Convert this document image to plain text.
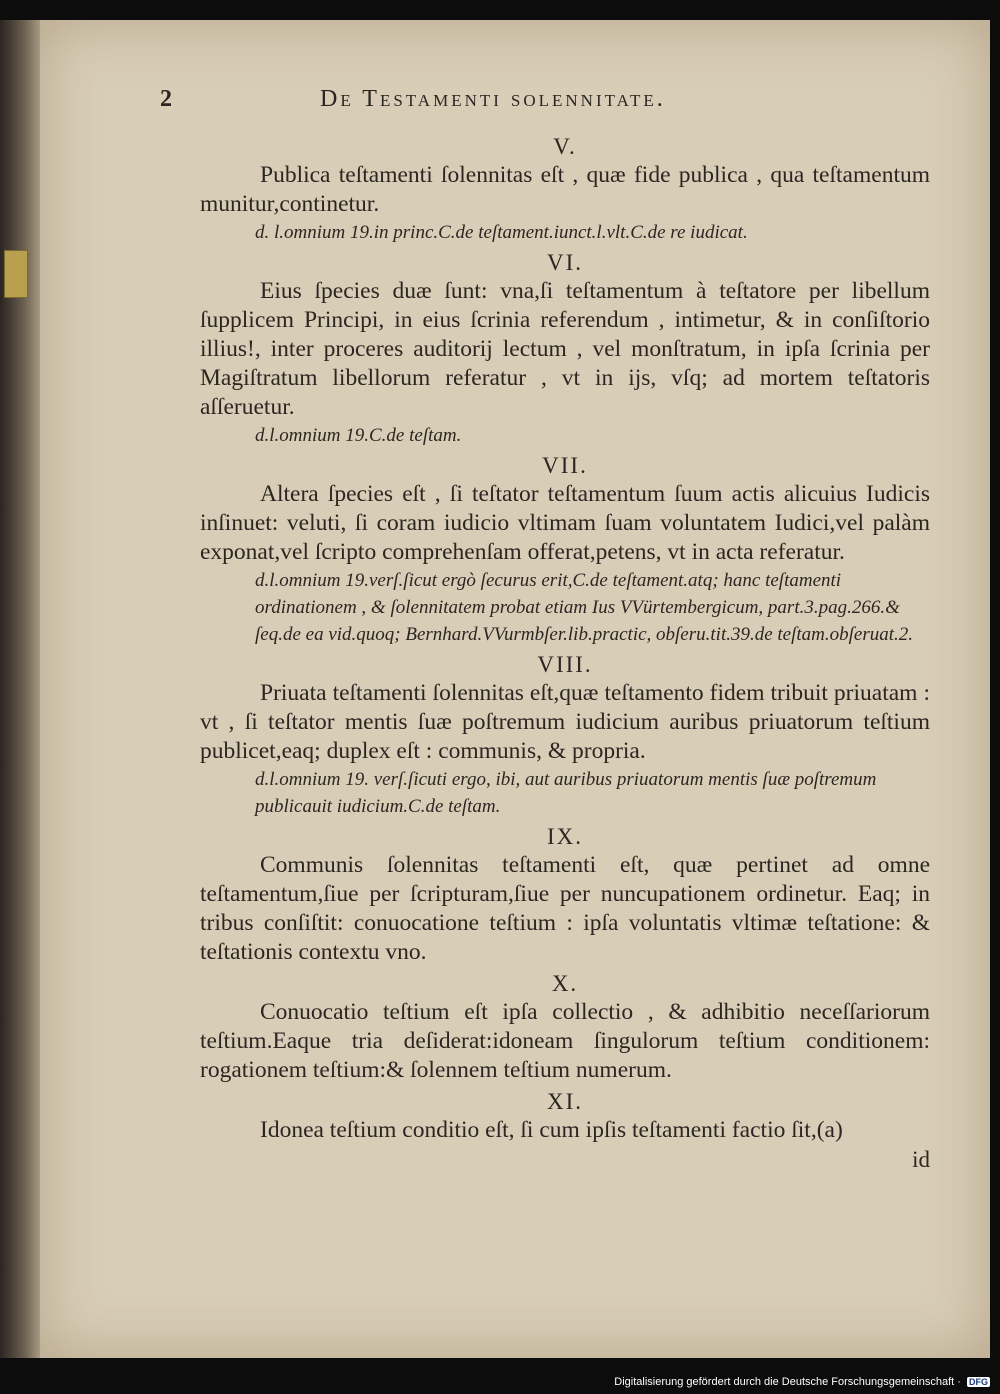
2	De Testamenti solennitate.
V.

Publica teſtamenti ſolennitas eſt , quæ fide publica , qua teſtamentum munitur,continetur.

d. l.omnium 19.in princ.C.de teſtament.iunct.l.vlt.C.de re iudicat.

VI.

Eius ſpecies duæ ſunt: vna,ſi teſtamentum à teſtatore per libellum ſupplicem Principi, in eius ſcrinia referendum , intimetur, & in conſiſtorio illius!, inter proceres auditorij lectum , vel monſtratum, in ipſa ſcrinia per Magiſtratum libellorum referatur , vt in ijs, vſq; ad mortem teſtatoris aſſeruetur.

d.l.omnium 19.C.de teſtam.

VII.

Altera ſpecies eſt , ſi teſtator teſtamentum ſuum actis alicuius Iudicis inſinuet: veluti, ſi coram iudicio vltimam ſuam voluntatem Iudici,vel palàm exponat,vel ſcripto comprehenſam offerat,petens, vt in acta referatur.

d.l.omnium 19.verſ.ſicut ergò ſecurus erit,C.de teſtament.atq; hanc teſtamenti ordinationem , & ſolennitatem probat etiam Ius VVürtembergicum, part.3.pag.266.& ſeq.de ea vid.quoq; Bernhard.VVurmbſer.lib.practic, obſeru.tit.39.de teſtam.obſeruat.2.

VIII.

Priuata teſtamenti ſolennitas eſt,quæ teſtamento fidem tribuit priuatam : vt , ſi teſtator mentis ſuæ poſtremum iudicium auribus priuatorum teſtium publicet,eaq; duplex eſt : communis, & propria.

d.l.omnium 19. verſ.ſicuti ergo, ibi, aut auribus priuatorum mentis ſuæ poſtremum publicauit iudicium.C.de teſtam.

IX.

Communis ſolennitas teſtamenti eſt, quæ pertinet ad omne teſtamentum,ſiue per ſcripturam,ſiue per nuncupationem ordinetur. Eaq; in tribus conſiſtit: conuocatione teſtium : ipſa voluntatis vltimæ teſtatione: & teſtationis contextu vno.

X.

Conuocatio teſtium eſt ipſa collectio , & adhibitio neceſſariorum teſtium.Eaque tria deſiderat:idoneam ſingulorum teſtium conditionem: rogationem teſtium:& ſolennem teſtium numerum.

XI.

Idonea teſtium conditio eſt, ſi cum ipſis teſtamenti factio ſit,(a)

id

Digitalisierung gefördert durch die Deutsche Forschungsgemeinschaft · DFG
